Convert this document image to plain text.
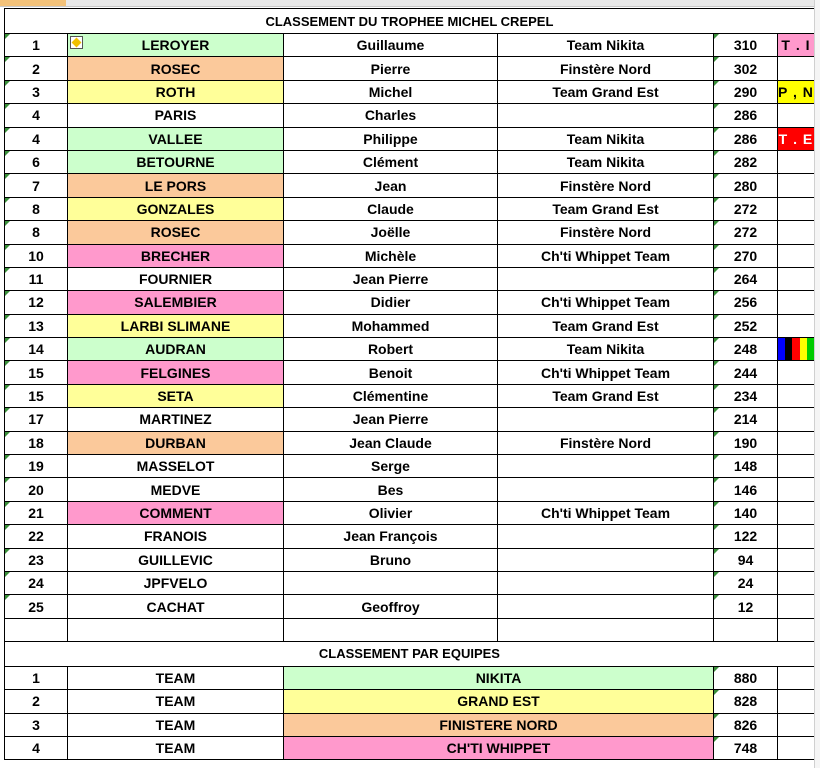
CLASSEMENT DU TROPHEE MICHEL CREPEL					
1	LEROYER	Guillaume	Team Nikita	310	T . I
2	ROSEC	Pierre	Finstère Nord	302	
3	ROTH	Michel	Team Grand Est	290	P , N
4	PARIS	Charles		286	
4	VALLEE	Philippe	Team Nikita	286	T . E
6	BETOURNE	Clément	Team Nikita	282	
7	LE PORS	Jean	Finstère Nord	280	
8	GONZALES	Claude	Team Grand Est	272	
8	ROSEC	Joëlle	Finstère Nord	272	
10	BRECHER	Michèle	Ch'ti Whippet Team	270	
11	FOURNIER	Jean Pierre		264	
12	SALEMBIER	Didier	Ch'ti Whippet Team	256	
13	LARBI SLIMANE	Mohammed	Team Grand Est	252	
14	AUDRAN	Robert	Team Nikita	248	

15	FELGINES	Benoit	Ch'ti Whippet Team	244	
15	SETA	Clémentine	Team Grand Est	234	
17	MARTINEZ	Jean Pierre		214	
18	DURBAN	Jean Claude	Finstère Nord	190	
19	MASSELOT	Serge		148	
20	MEDVE	Bes		146	
21	COMMENT	Olivier	Ch'ti Whippet Team	140	
22	FRANOIS	Jean François		122	
23	GUILLEVIC	Bruno		94	
24	JPFVELO			24	
25	CACHAT	Geoffroy		12	

CLASSEMENT PAR EQUIPES					
1	TEAM	NIKITA		880	
2	TEAM	GRAND EST		828	
3	TEAM	FINISTERE NORD		826	
4	TEAM	CH'TI WHIPPET		748	
